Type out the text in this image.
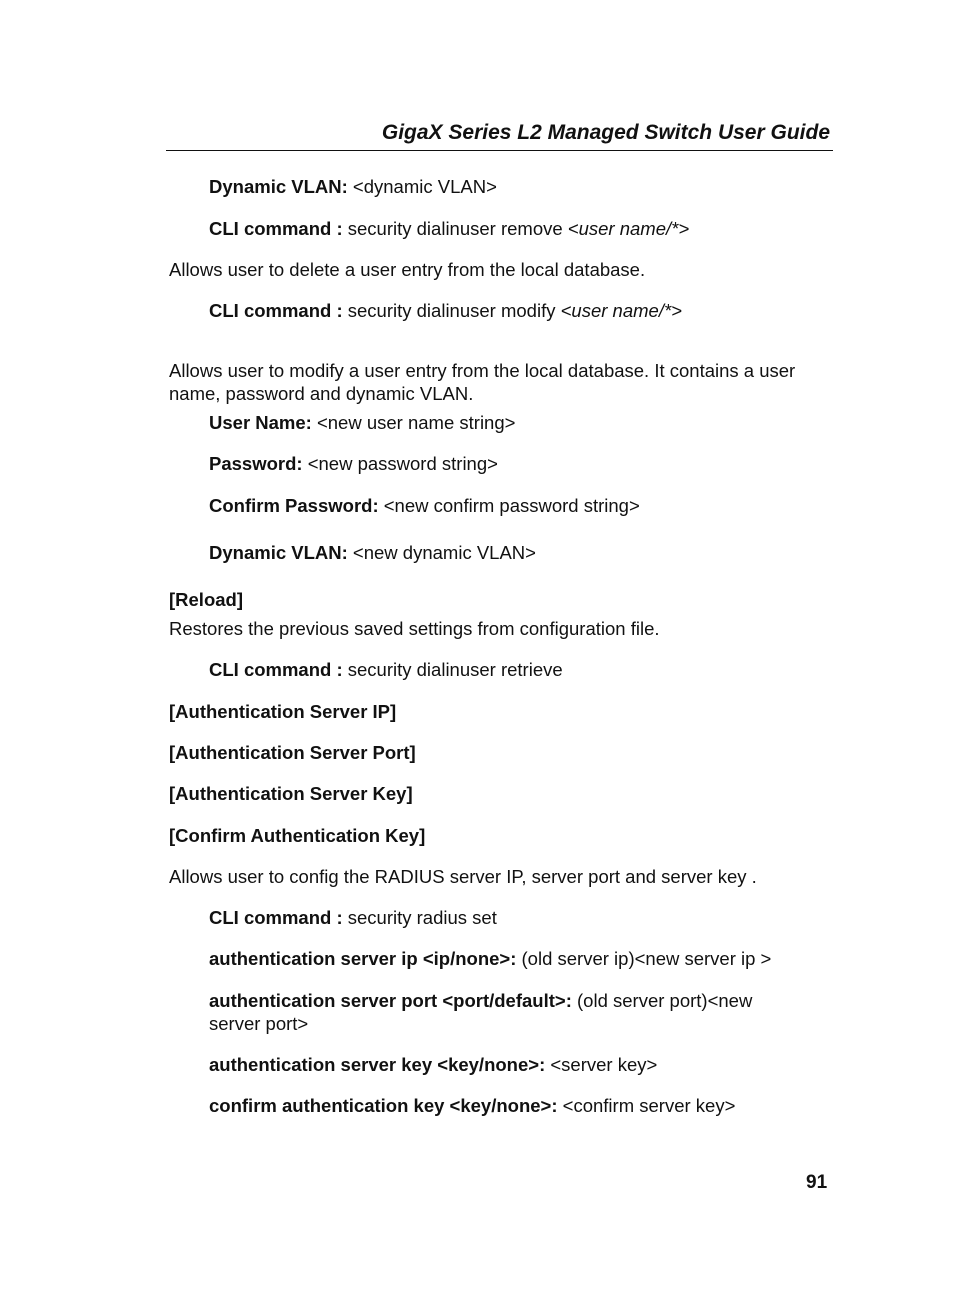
GigaX Series L2 Managed Switch User Guide
Dynamic VLAN: <dynamic VLAN>
CLI command : security dialinuser remove <user name/*>
Allows user to delete a user entry from the local database.
CLI command : security dialinuser modify <user name/*>
Allows user to modify a user entry from the local database. It contains a user name, password and dynamic VLAN.
User Name: <new user name string>
Password: <new password string>
Confirm Password: <new confirm password string>
Dynamic VLAN: <new dynamic VLAN>
[Reload]
Restores the previous saved settings from configuration file.
CLI command : security dialinuser retrieve
[Authentication Server IP]
[Authentication Server Port]
[Authentication Server Key]
[Confirm Authentication Key]
Allows user to config the RADIUS server IP, server port and server key .
CLI command : security radius set
authentication server ip <ip/none>: (old server ip)<new server ip >
authentication server port <port/default>: (old server port)<new server port>
authentication server key <key/none>: <server key>
confirm authentication key <key/none>: <confirm server key>
91
